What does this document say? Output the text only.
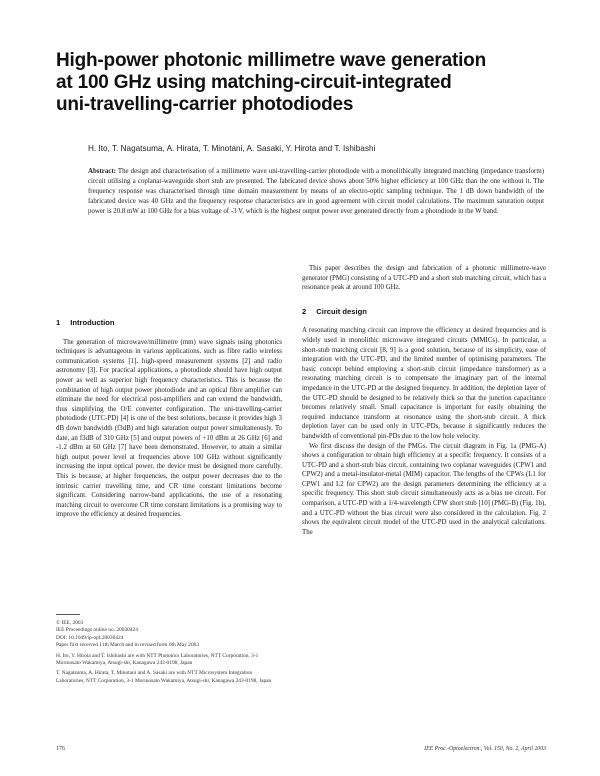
High-power photonic millimetre wave generation
at 100 GHz using matching-circuit-integrated
uni-travelling-carrier photodiodes
H. Ito, T. Nagatsuma, A. Hirata, T. Minotani, A. Sasaki, Y. Hirota and T. Ishibashi
Abstract: The design and characterisation of a millimetre wave uni-travelling-carrier photodiode with a monolithically integrated matching (impedance transform) circuit utilising a coplanar-waveguide short stub are presented. The fabricated device shows about 50% higher efficiency at 100 GHz than the one without it. The frequency response was characterised through time domain measurement by means of an electro-optic sampling technique. The 1 dB down bandwidth of the fabricated device was 40 GHz and the frequency response characteristics are in good agreement with circuit model calculations. The maximum saturation output power is 20.8 mW at 100 GHz for a bias voltage of -3 V, which is the highest output power ever generated directly from a photodiode in the W band.
1 Introduction

The generation of microwave/millimetre (mm) wave signals using photonics techniques is advantageous in various applications, such as fibre radio wireless communication systems [1], high-speed measurement systems [2] and radio astronomy [3]. For practical applications, a photodiode should have high output power as well as superior high frequency characteristics. This is because the combination of high output power photodiode and an optical fibre amplifier can eliminate the need for electrical post-amplifiers and can extend the bandwidth, thus simplifying the O/E converter configuration. The uni-travelling-carrier photodiode (UTC-PD) [4] is one of the best solutions, because it provides high 3 dB down bandwidth (f3dB) and high saturation output power simultaneously. To date, an f3dB of 310 GHz [5] and output powers of +10 dBm at 26 GHz [6] and -1.2 dBm at 60 GHz [7] have been demonstrated. However, to attain a similar high output power level at frequencies above 100 GHz without significantly increasing the input optical power, the device must be designed more carefully. This is because, at higher frequencies, the output power decreases due to the intrinsic carrier travelling time, and CR time constant limitations become significant. Considering narrow-band applications, the use of a resonating matching circuit to overcome CR time constant limitations is a promising way to improve the efficiency at desired frequencies.

This paper describes the design and fabrication of a photonic millimetre-wave generator (PMG) consisting of a UTC-PD and a short stub matching circuit, which has a resonance peak at around 100 GHz.

2 Circuit design

A resonating matching circuit can improve the efficiency at desired frequencies and is widely used in monolithic microwave integrated circuits (MMICs). In particular, a short-stub matching circuit [8, 9] is a good solution, because of its simplicity, ease of integration with the UTC-PD, and the limited number of optimising parameters. The basic concept behind employing a short-stub circuit (impedance transformer) as a resonating matching circuit is to compensate the imaginary part of the internal impedance in the UTC-PD at the designed frequency. In addition, the depletion layer of the UTC-PD should be designed to be relatively thick so that the junction capacitance becomes relatively small. Small capacitance is important for easily obtaining the required inductance transform at resonance using the short-stub circuit. A thick depletion layer can be used only in UTC-PDs, because it significantly reduces the bandwidth of conventional pin-PDs due to the low hole velocity.

We first discuss the design of the PMGs. The circuit diagram in Fig. 1a (PMG-A) shows a configuration to obtain high efficiency at a specific frequency. It consists of a UTC-PD and a short-stub bias circuit, containing two coplanar waveguides (CPW1 and CPW2) and a metal-insulator-metal (MIM) capacitor. The lengths of the CPWs (L1 for CPW1 and L2 for CPW2) are the design parameters determining the efficiency at a specific frequency. This short stub circuit simultaneously acts as a bias tee circuit. For comparison, a UTC-PD with a 1/4-wavelength CPW short stub [10] (PMG-B) (Fig. 1b), and a UTC-PD without the bias circuit were also considered in the calculation. Fig. 2 shows the equivalent circuit model of the UTC-PD used in the analytical calculations. The

© IEE, 2003
IEE Proceedings online no. 20030424
DOI: 10.1049/ip-opt:20030424
Paper first received 11th March and in revised form 6th May 2003
H. Ito, Y. Hirota and T. Ishibashi are with NTT Photonics Laboratories, NTT Corporation, 3-1 Morinosato Wakamiya, Atsugi-shi, Kanagawa 243-0198, Japan
T. Nagatsuma, A. Hirata, T. Minotani and A. Sasaki are with NTT Microsystem Integration Laboratories, NTT Corporation, 3-1 Morinosato Wakamiya, Atsugi-shi, Kanagawa 243-0198, Japan
176	IEE Proc.-Optoelectron., Vol. 150, No. 2, April 2003
